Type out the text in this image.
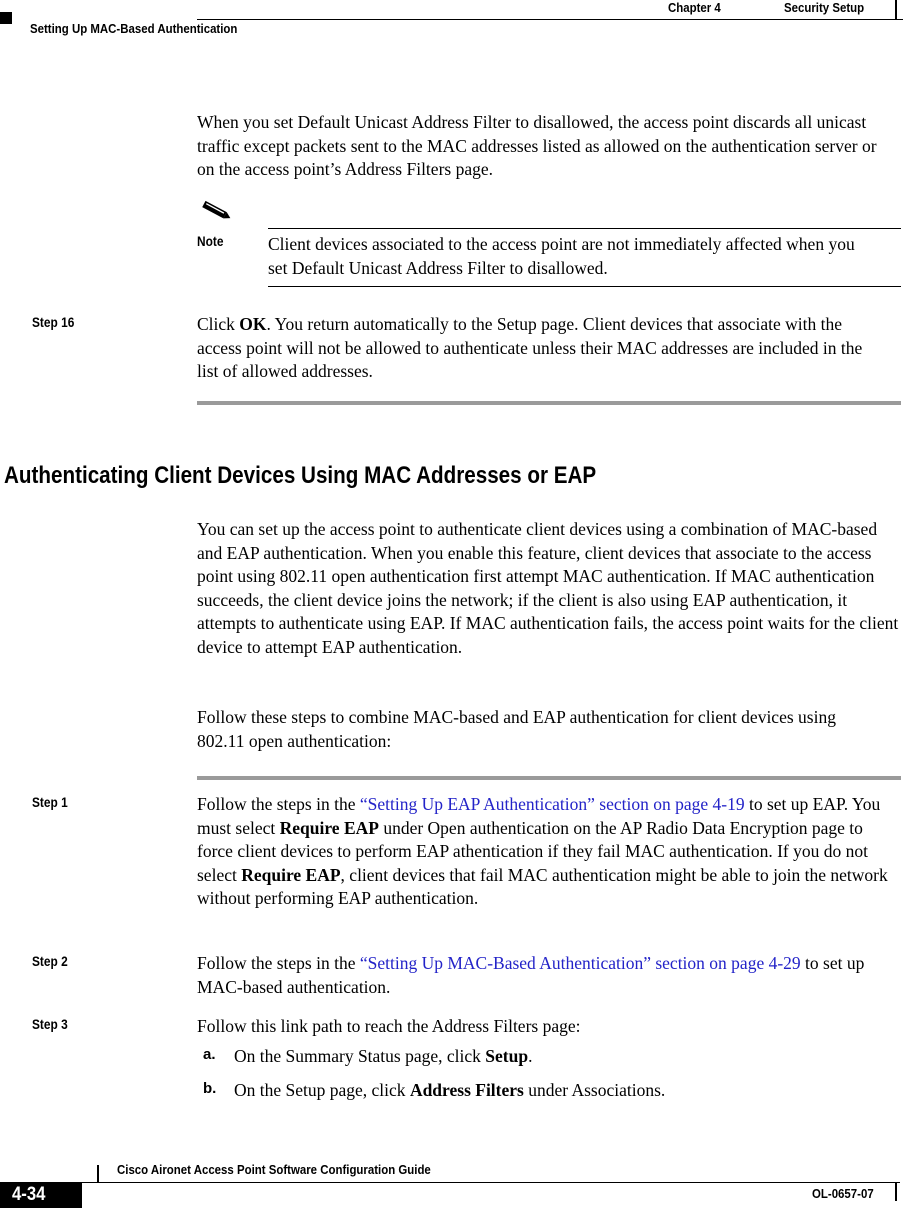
Chapter 4	Security Setup
Setting Up MAC-Based Authentication
When you set Default Unicast Address Filter to disallowed, the access point discards all unicast traffic except packets sent to the MAC addresses listed as allowed on the authentication server or on the access point’s Address Filters page.
Note	Client devices associated to the access point are not immediately affected when you set Default Unicast Address Filter to disallowed.
Step 16	Click OK. You return automatically to the Setup page. Client devices that associate with the access point will not be allowed to authenticate unless their MAC addresses are included in the list of allowed addresses.
Authenticating Client Devices Using MAC Addresses or EAP
You can set up the access point to authenticate client devices using a combination of MAC-based and EAP authentication. When you enable this feature, client devices that associate to the access point using 802.11 open authentication first attempt MAC authentication. If MAC authentication succeeds, the client device joins the network; if the client is also using EAP authentication, it attempts to authenticate using EAP. If MAC authentication fails, the access point waits for the client device to attempt EAP authentication.
Follow these steps to combine MAC-based and EAP authentication for client devices using 802.11 open authentication:
Step 1	Follow the steps in the “Setting Up EAP Authentication” section on page 4-19 to set up EAP. You must select Require EAP under Open authentication on the AP Radio Data Encryption page to force client devices to perform EAP athentication if they fail MAC authentication. If you do not select Require EAP, client devices that fail MAC authentication might be able to join the network without performing EAP authentication.
Step 2	Follow the steps in the “Setting Up MAC-Based Authentication” section on page 4-29 to set up MAC-based authentication.
Step 3	Follow this link path to reach the Address Filters page:
a. On the Summary Status page, click Setup.
b. On the Setup page, click Address Filters under Associations.
Cisco Aironet Access Point Software Configuration Guide
4-34	OL-0657-07
